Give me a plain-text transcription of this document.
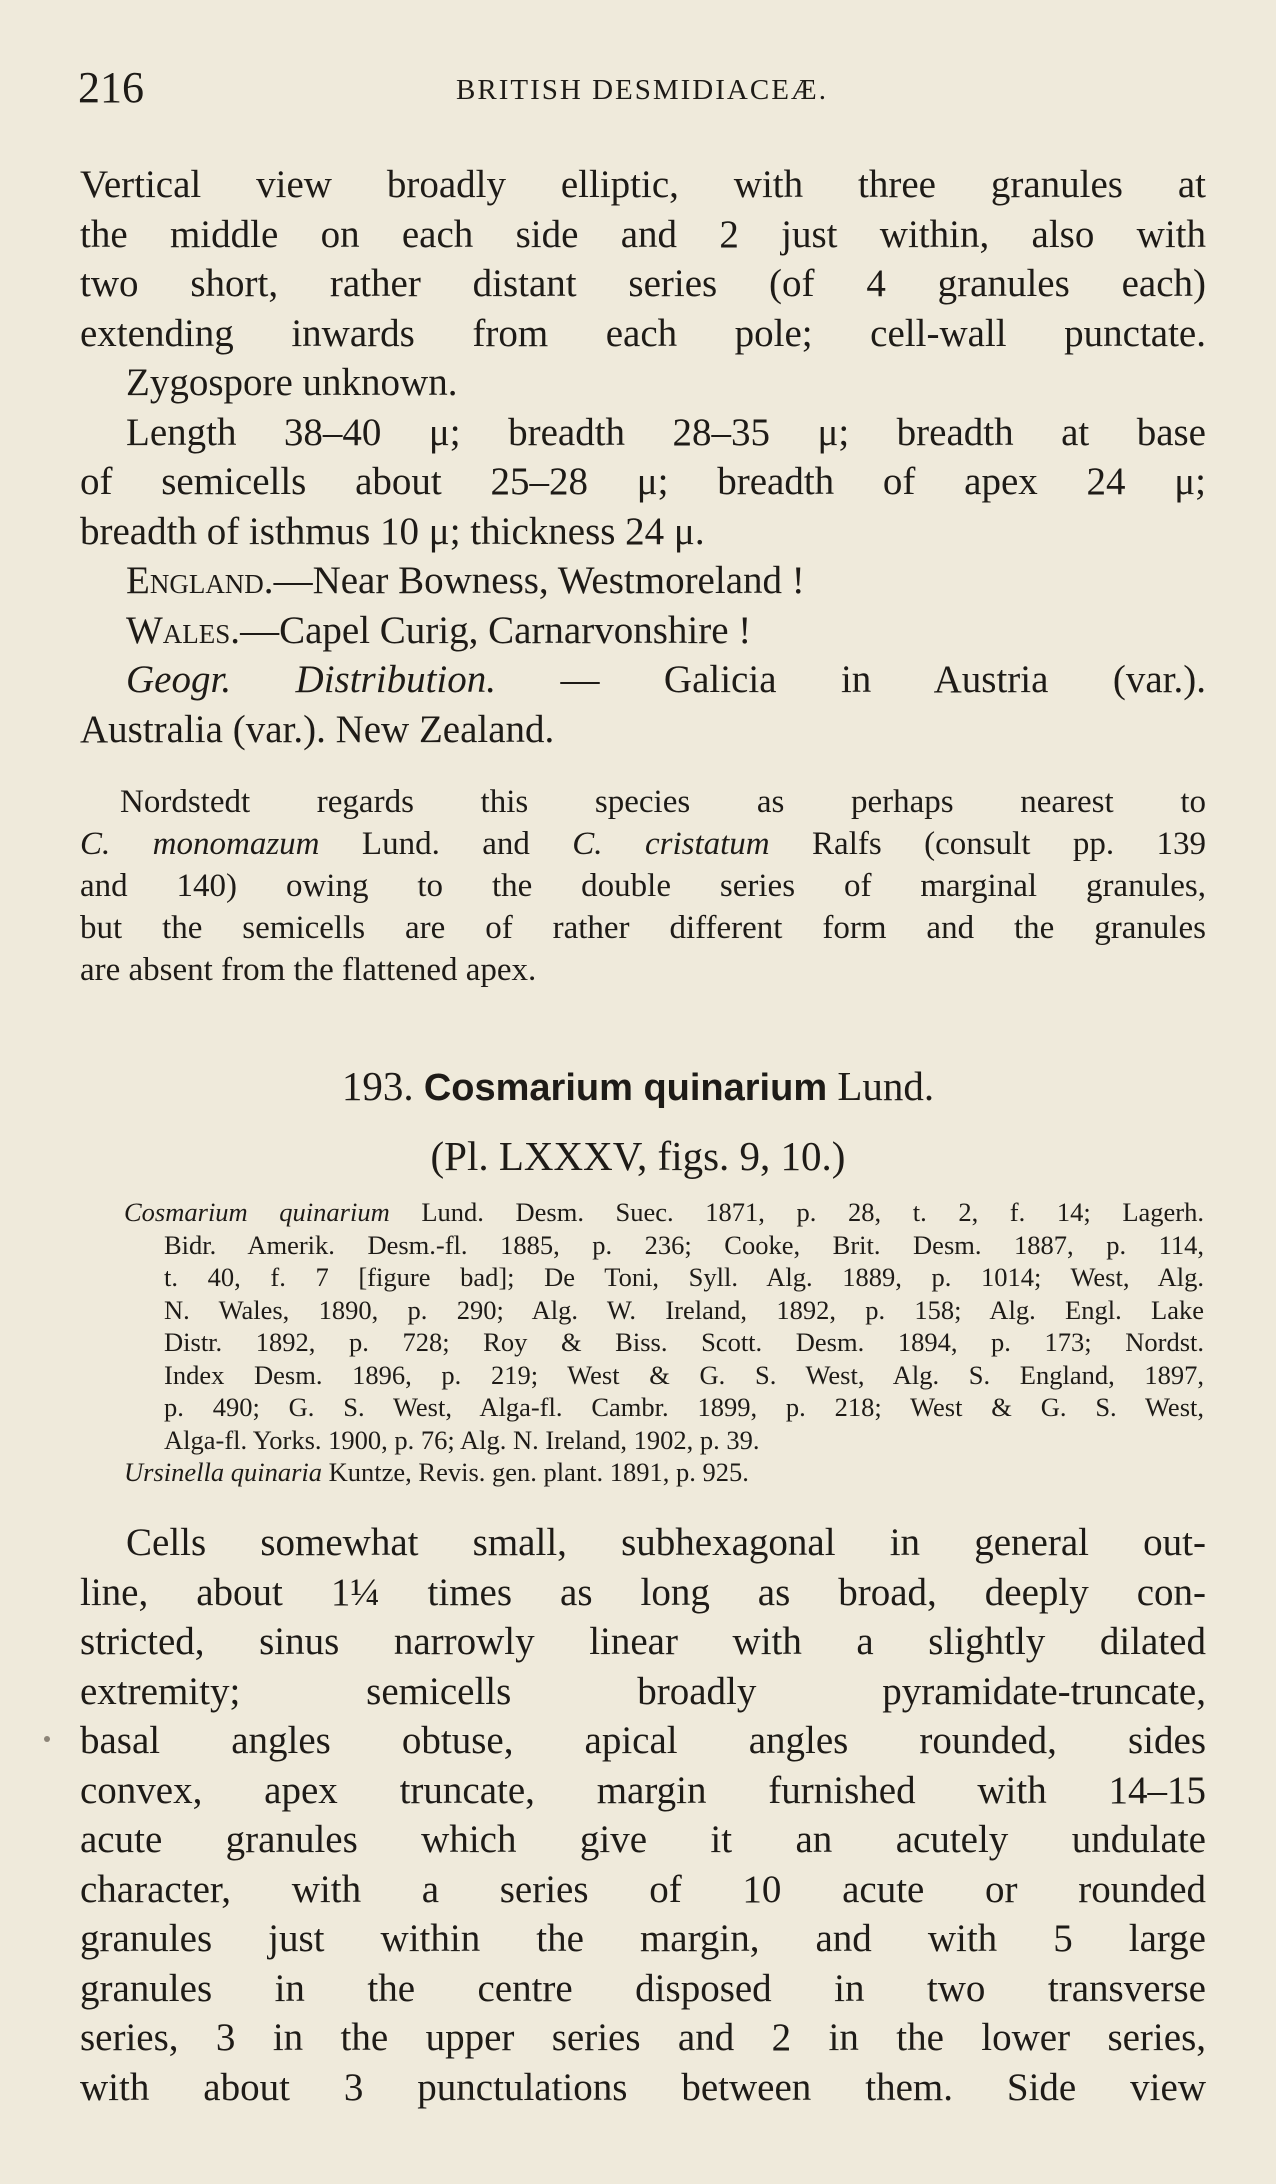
216	BRITISH DESMIDIACEÆ.
Vertical view broadly elliptic, with three granules at
the middle on each side and 2 just within, also with
two short, rather distant series (of 4 granules each)
extending inwards from each pole; cell-wall punctate.
Zygospore unknown.
Length 38–40 μ; breadth 28–35 μ; breadth at base
of semicells about 25–28 μ; breadth of apex 24 μ;
breadth of isthmus 10 μ; thickness 24 μ.
England.—Near Bowness, Westmoreland !
Wales.—Capel Curig, Carnarvonshire !
Geogr. Distribution. — Galicia in Austria (var.).
Australia (var.). New Zealand.
Nordstedt regards this species as perhaps nearest to
C. monomazum Lund. and C. cristatum Ralfs (consult pp. 139
and 140) owing to the double series of marginal granules,
but the semicells are of rather different form and the granules
are absent from the flattened apex.
193. Cosmarium quinarium Lund.
(Pl. LXXXV, figs. 9, 10.)
Cosmarium quinarium Lund. Desm. Suec. 1871, p. 28, t. 2, f. 14; Lagerh.
Bidr. Amerik. Desm.-fl. 1885, p. 236; Cooke, Brit. Desm. 1887, p. 114,
t. 40, f. 7 [figure bad]; De Toni, Syll. Alg. 1889, p. 1014; West, Alg.
N. Wales, 1890, p. 290; Alg. W. Ireland, 1892, p. 158; Alg. Engl. Lake
Distr. 1892, p. 728; Roy & Biss. Scott. Desm. 1894, p. 173; Nordst.
Index Desm. 1896, p. 219; West & G. S. West, Alg. S. England, 1897,
p. 490; G. S. West, Alga-fl. Cambr. 1899, p. 218; West & G. S. West,
Alga-fl. Yorks. 1900, p. 76; Alg. N. Ireland, 1902, p. 39.
Ursinella quinaria Kuntze, Revis. gen. plant. 1891, p. 925.
Cells somewhat small, subhexagonal in general out-
line, about 1¼ times as long as broad, deeply con-
stricted, sinus narrowly linear with a slightly dilated
extremity; semicells broadly pyramidate-truncate,
basal angles obtuse, apical angles rounded, sides
convex, apex truncate, margin furnished with 14–15
acute granules which give it an acutely undulate
character, with a series of 10 acute or rounded
granules just within the margin, and with 5 large
granules in the centre disposed in two transverse
series, 3 in the upper series and 2 in the lower series,
with about 3 punctulations between them. Side view
